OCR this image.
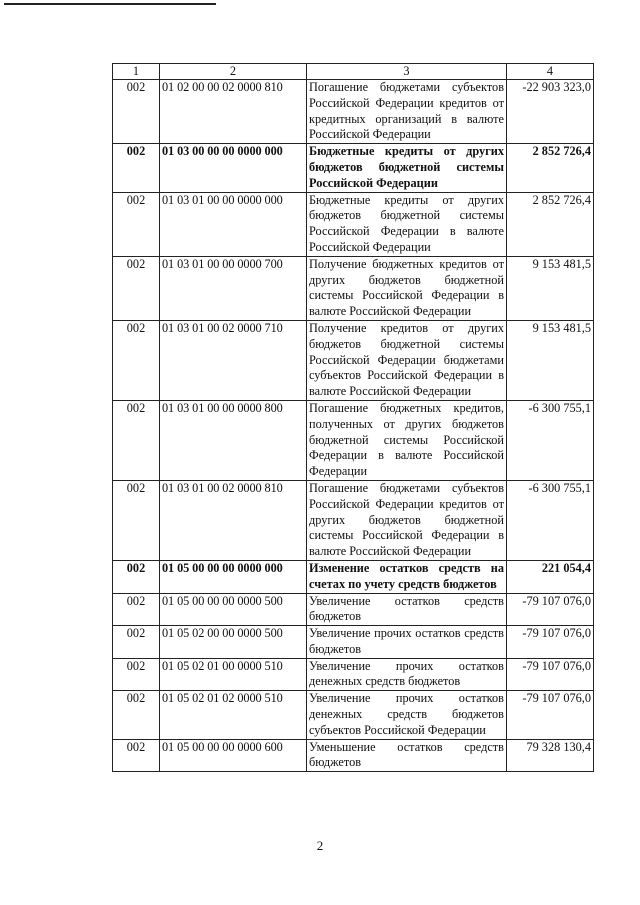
1	2	3	4
002	01 02 00 00 02 0000 810	Погашение бюджетами субъектов Российской Федерации кредитов от кредитных организаций в валюте Российской Федерации	-22 903 323,0
002	01 03 00 00 00 0000 000	Бюджетные кредиты от других бюджетов бюджетной системы Российской Федерации	2 852 726,4
002	01 03 01 00 00 0000 000	Бюджетные кредиты от других бюджетов бюджетной системы Российской Федерации в валюте Российской Федерации	2 852 726,4
002	01 03 01 00 00 0000 700	Получение бюджетных кредитов от других бюджетов бюджетной системы Российской Федерации в валюте Российской Федерации	9 153 481,5
002	01 03 01 00 02 0000 710	Получение кредитов от других бюджетов бюджетной системы Российской Федерации бюджетами субъектов Российской Федерации в валюте Российской Федерации	9 153 481,5
002	01 03 01 00 00 0000 800	Погашение бюджетных кредитов, полученных от других бюджетов бюджетной системы Российской Федерации в валюте Российской Федерации	-6 300 755,1
002	01 03 01 00 02 0000 810	Погашение бюджетами субъектов Российской Федерации кредитов от других бюджетов бюджетной системы Российской Федерации в валюте Российской Федерации	-6 300 755,1
002	01 05 00 00 00 0000 000	Изменение остатков средств на счетах по учету средств бюджетов	221 054,4
002	01 05 00 00 00 0000 500	Увеличение остатков средств бюджетов	-79 107 076,0
002	01 05 02 00 00 0000 500	Увеличение прочих остатков средств бюджетов	-79 107 076,0
002	01 05 02 01 00 0000 510	Увеличение прочих остатков денежных средств бюджетов	-79 107 076,0
002	01 05 02 01 02 0000 510	Увеличение прочих остатков денежных средств бюджетов субъектов Российской Федерации	-79 107 076,0
002	01 05 00 00 00 0000 600	Уменьшение остатков средств бюджетов	79 328 130,4
2
